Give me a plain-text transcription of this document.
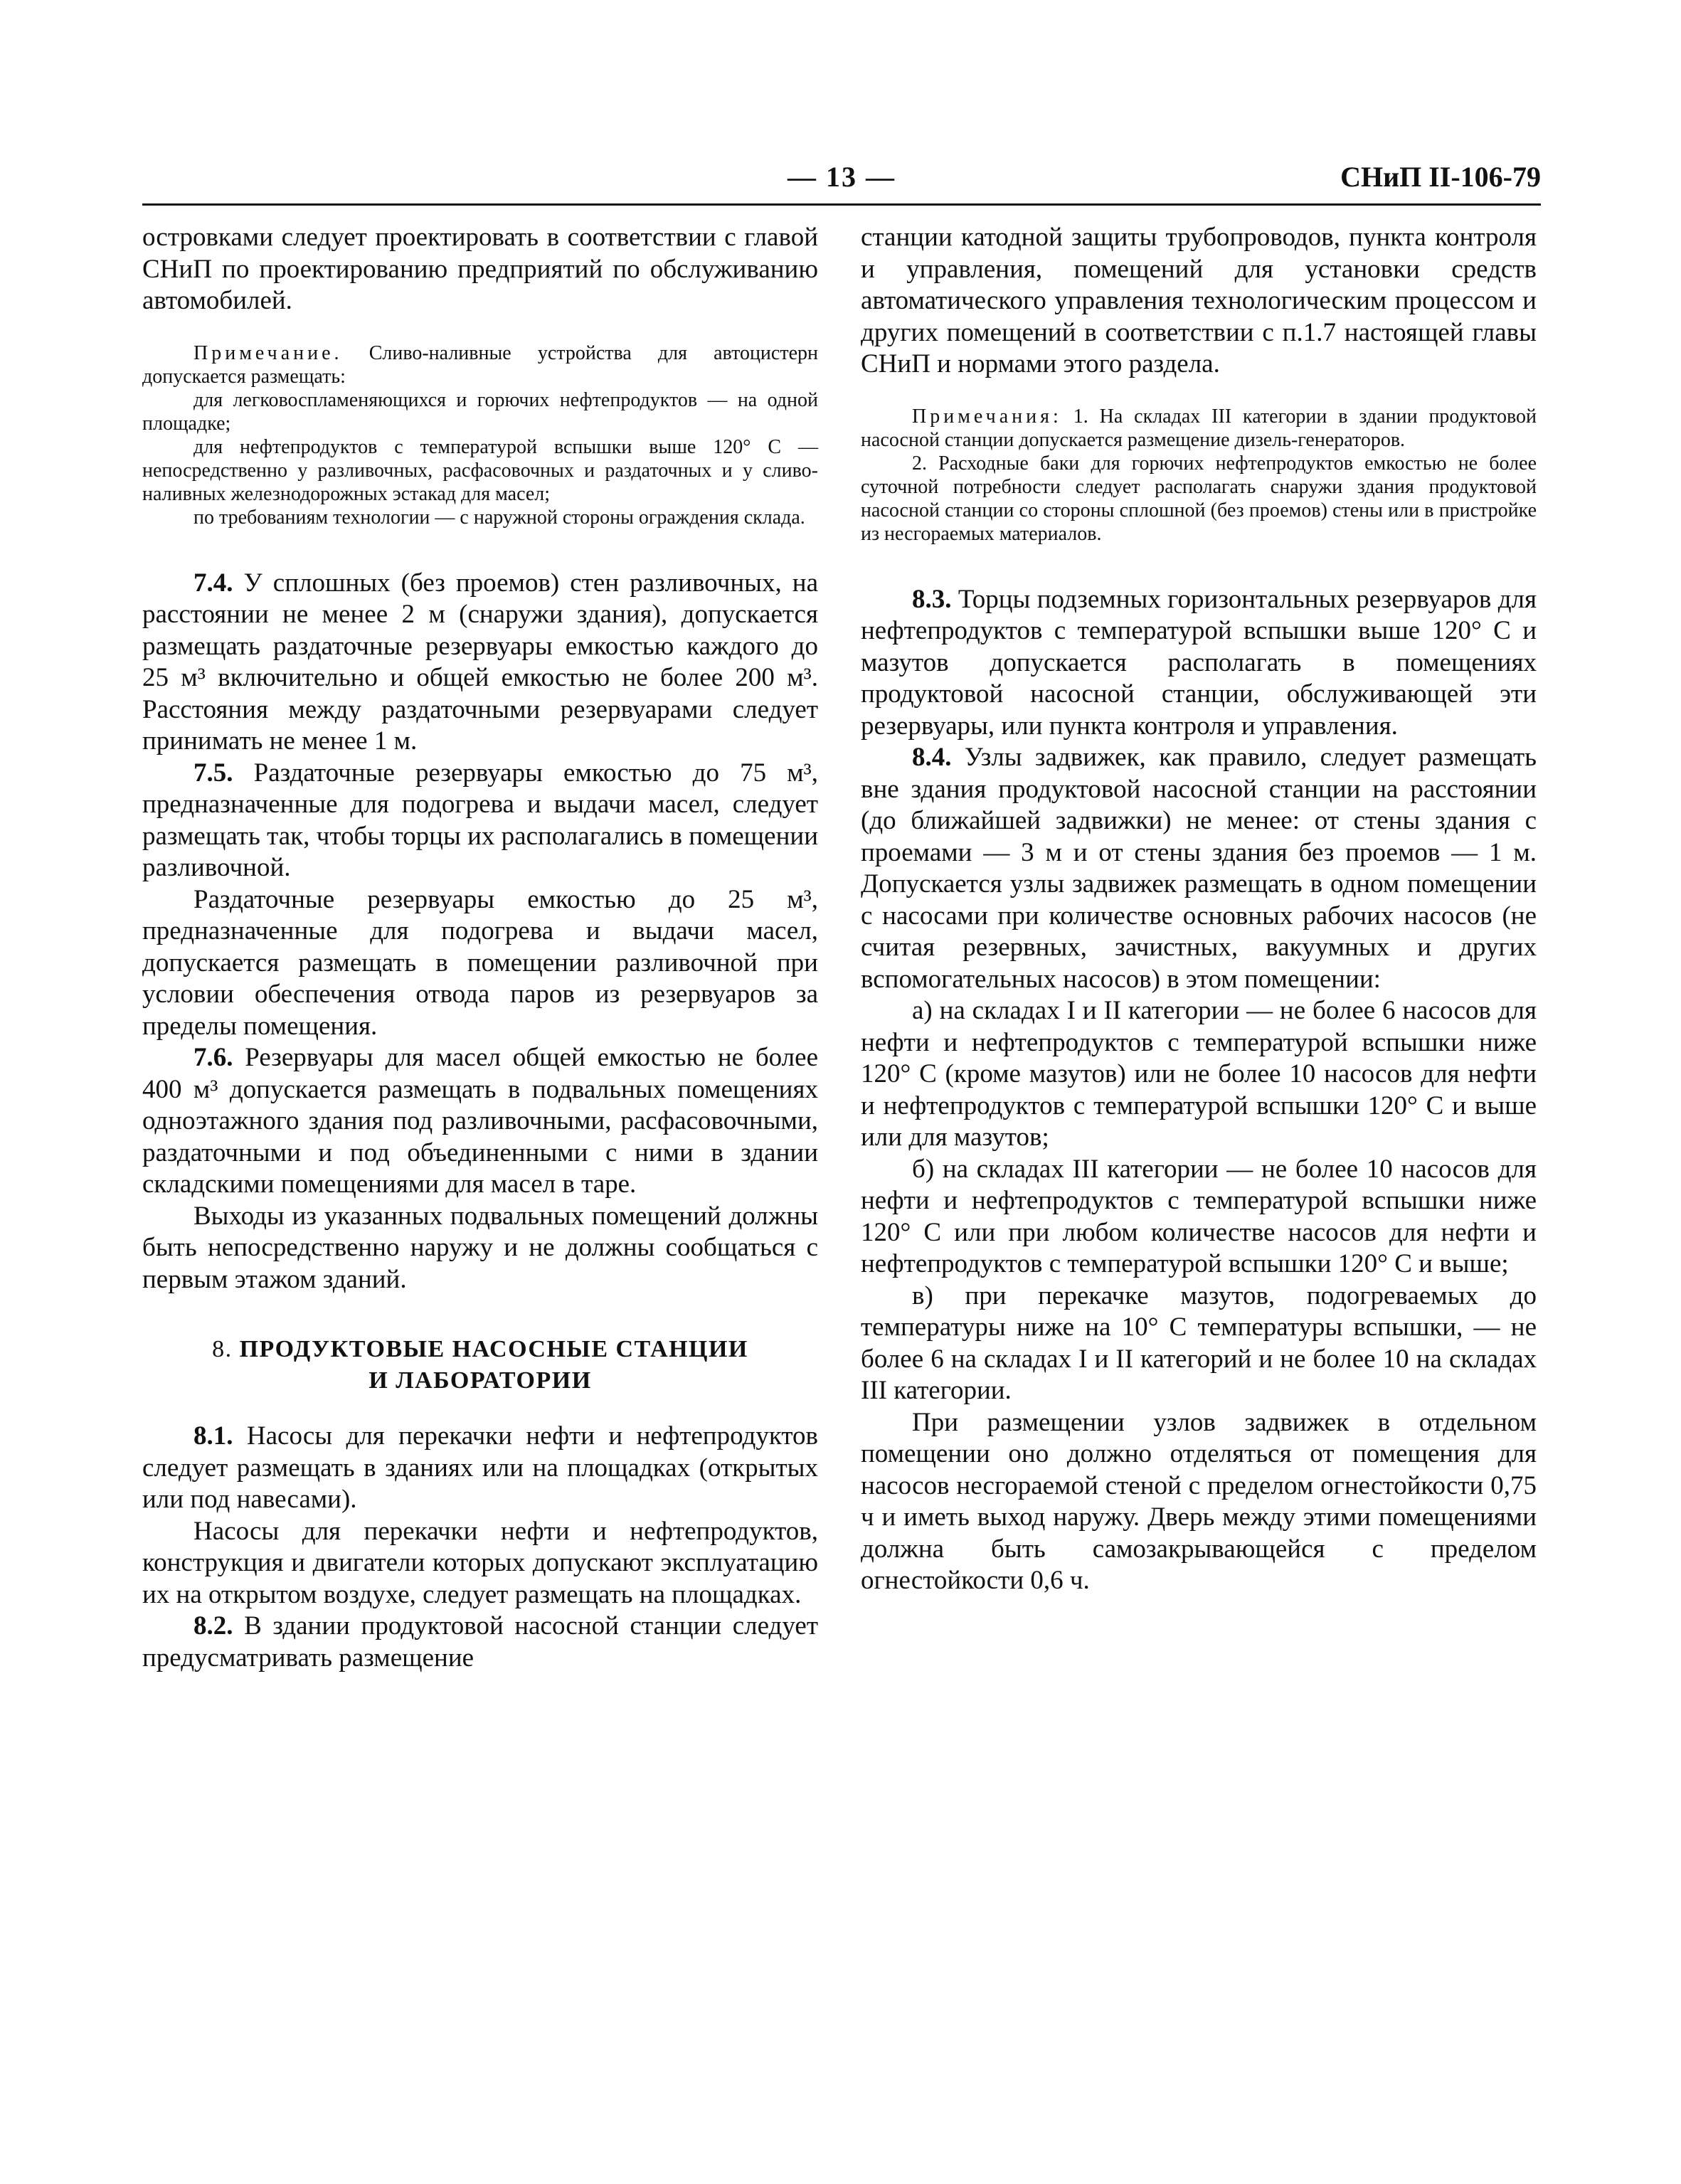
— 13 —	СНиП II-106-79

островками следует проектировать в соответствии с главой СНиП по проектированию предприятий по обслуживанию автомобилей.

Примечание. Сливо-наливные устройства для автоцистерн допускается размещать:

для легковоспламеняющихся и горючих нефтепродуктов — на одной площадке;

для нефтепродуктов с температурой вспышки выше 120° С — непосредственно у разливочных, расфасовочных и раздаточных и у сливо-наливных железнодорожных эстакад для масел;

по требованиям технологии — с наружной стороны ограждения склада.

7.4. У сплошных (без проемов) стен разливочных, на расстоянии не менее 2 м (снаружи здания), допускается размещать раздаточные резервуары емкостью каждого до 25 м³ включительно и общей емкостью не более 200 м³. Расстояния между раздаточными резервуарами следует принимать не менее 1 м.

7.5. Раздаточные резервуары емкостью до 75 м³, предназначенные для подогрева и выдачи масел, следует размещать так, чтобы торцы их располагались в помещении разливочной.

Раздаточные резервуары емкостью до 25 м³, предназначенные для подогрева и выдачи масел, допускается размещать в помещении разливочной при условии обеспечения отвода паров из резервуаров за пределы помещения.

7.6. Резервуары для масел общей емкостью не более 400 м³ допускается размещать в подвальных помещениях одноэтажного здания под разливочными, расфасовочными, раздаточными и под объединенными с ними в здании складскими помещениями для масел в таре.

Выходы из указанных подвальных помещений должны быть непосредственно наружу и не должны сообщаться с первым этажом зданий.

8. ПРОДУКТОВЫЕ НАСОСНЫЕ СТАНЦИИ

И ЛАБОРАТОРИИ

8.1. Насосы для перекачки нефти и нефтепродуктов следует размещать в зданиях или на площадках (открытых или под навесами).

Насосы для перекачки нефти и нефтепродуктов, конструкция и двигатели которых допускают эксплуатацию их на открытом воздухе, следует размещать на площадках.

8.2. В здании продуктовой насосной станции следует предусматривать размещение

станции катодной защиты трубопроводов, пункта контроля и управления, помещений для установки средств автоматического управления технологическим процессом и других помещений в соответствии с п.1.7 настоящей главы СНиП и нормами этого раздела.

Примечания: 1. На складах III категории в здании продуктовой насосной станции допускается размещение дизель-генераторов.

2. Расходные баки для горючих нефтепродуктов емкостью не более суточной потребности следует располагать снаружи здания продуктовой насосной станции со стороны сплошной (без проемов) стены или в пристройке из несгораемых материалов.

8.3. Торцы подземных горизонтальных резервуаров для нефтепродуктов с температурой вспышки выше 120° С и мазутов допускается располагать в помещениях продуктовой насосной станции, обслуживающей эти резервуары, или пункта контроля и управления.

8.4. Узлы задвижек, как правило, следует размещать вне здания продуктовой насосной станции на расстоянии (до ближайшей задвижки) не менее: от стены здания с проемами — 3 м и от стены здания без проемов — 1 м. Допускается узлы задвижек размещать в одном помещении с насосами при количестве основных рабочих насосов (не считая резервных, зачистных, вакуумных и других вспомогательных насосов) в этом помещении:

а) на складах I и II категории — не более 6 насосов для нефти и нефтепродуктов с температурой вспышки ниже 120° С (кроме мазутов) или не более 10 насосов для нефти и нефтепродуктов с температурой вспышки 120° С и выше или для мазутов;

б) на складах III категории — не более 10 насосов для нефти и нефтепродуктов с температурой вспышки ниже 120° С или при любом количестве насосов для нефти и нефтепродуктов с температурой вспышки 120° С и выше;

в) при перекачке мазутов, подогреваемых до температуры ниже на 10° С температуры вспышки, — не более 6 на складах I и II категорий и не более 10 на складах III категории.

При размещении узлов задвижек в отдельном помещении оно должно отделяться от помещения для насосов несгораемой стеной с пределом огнестойкости 0,75 ч и иметь выход наружу. Дверь между этими помещениями должна быть самозакрывающейся с пределом огнестойкости 0,6 ч.
